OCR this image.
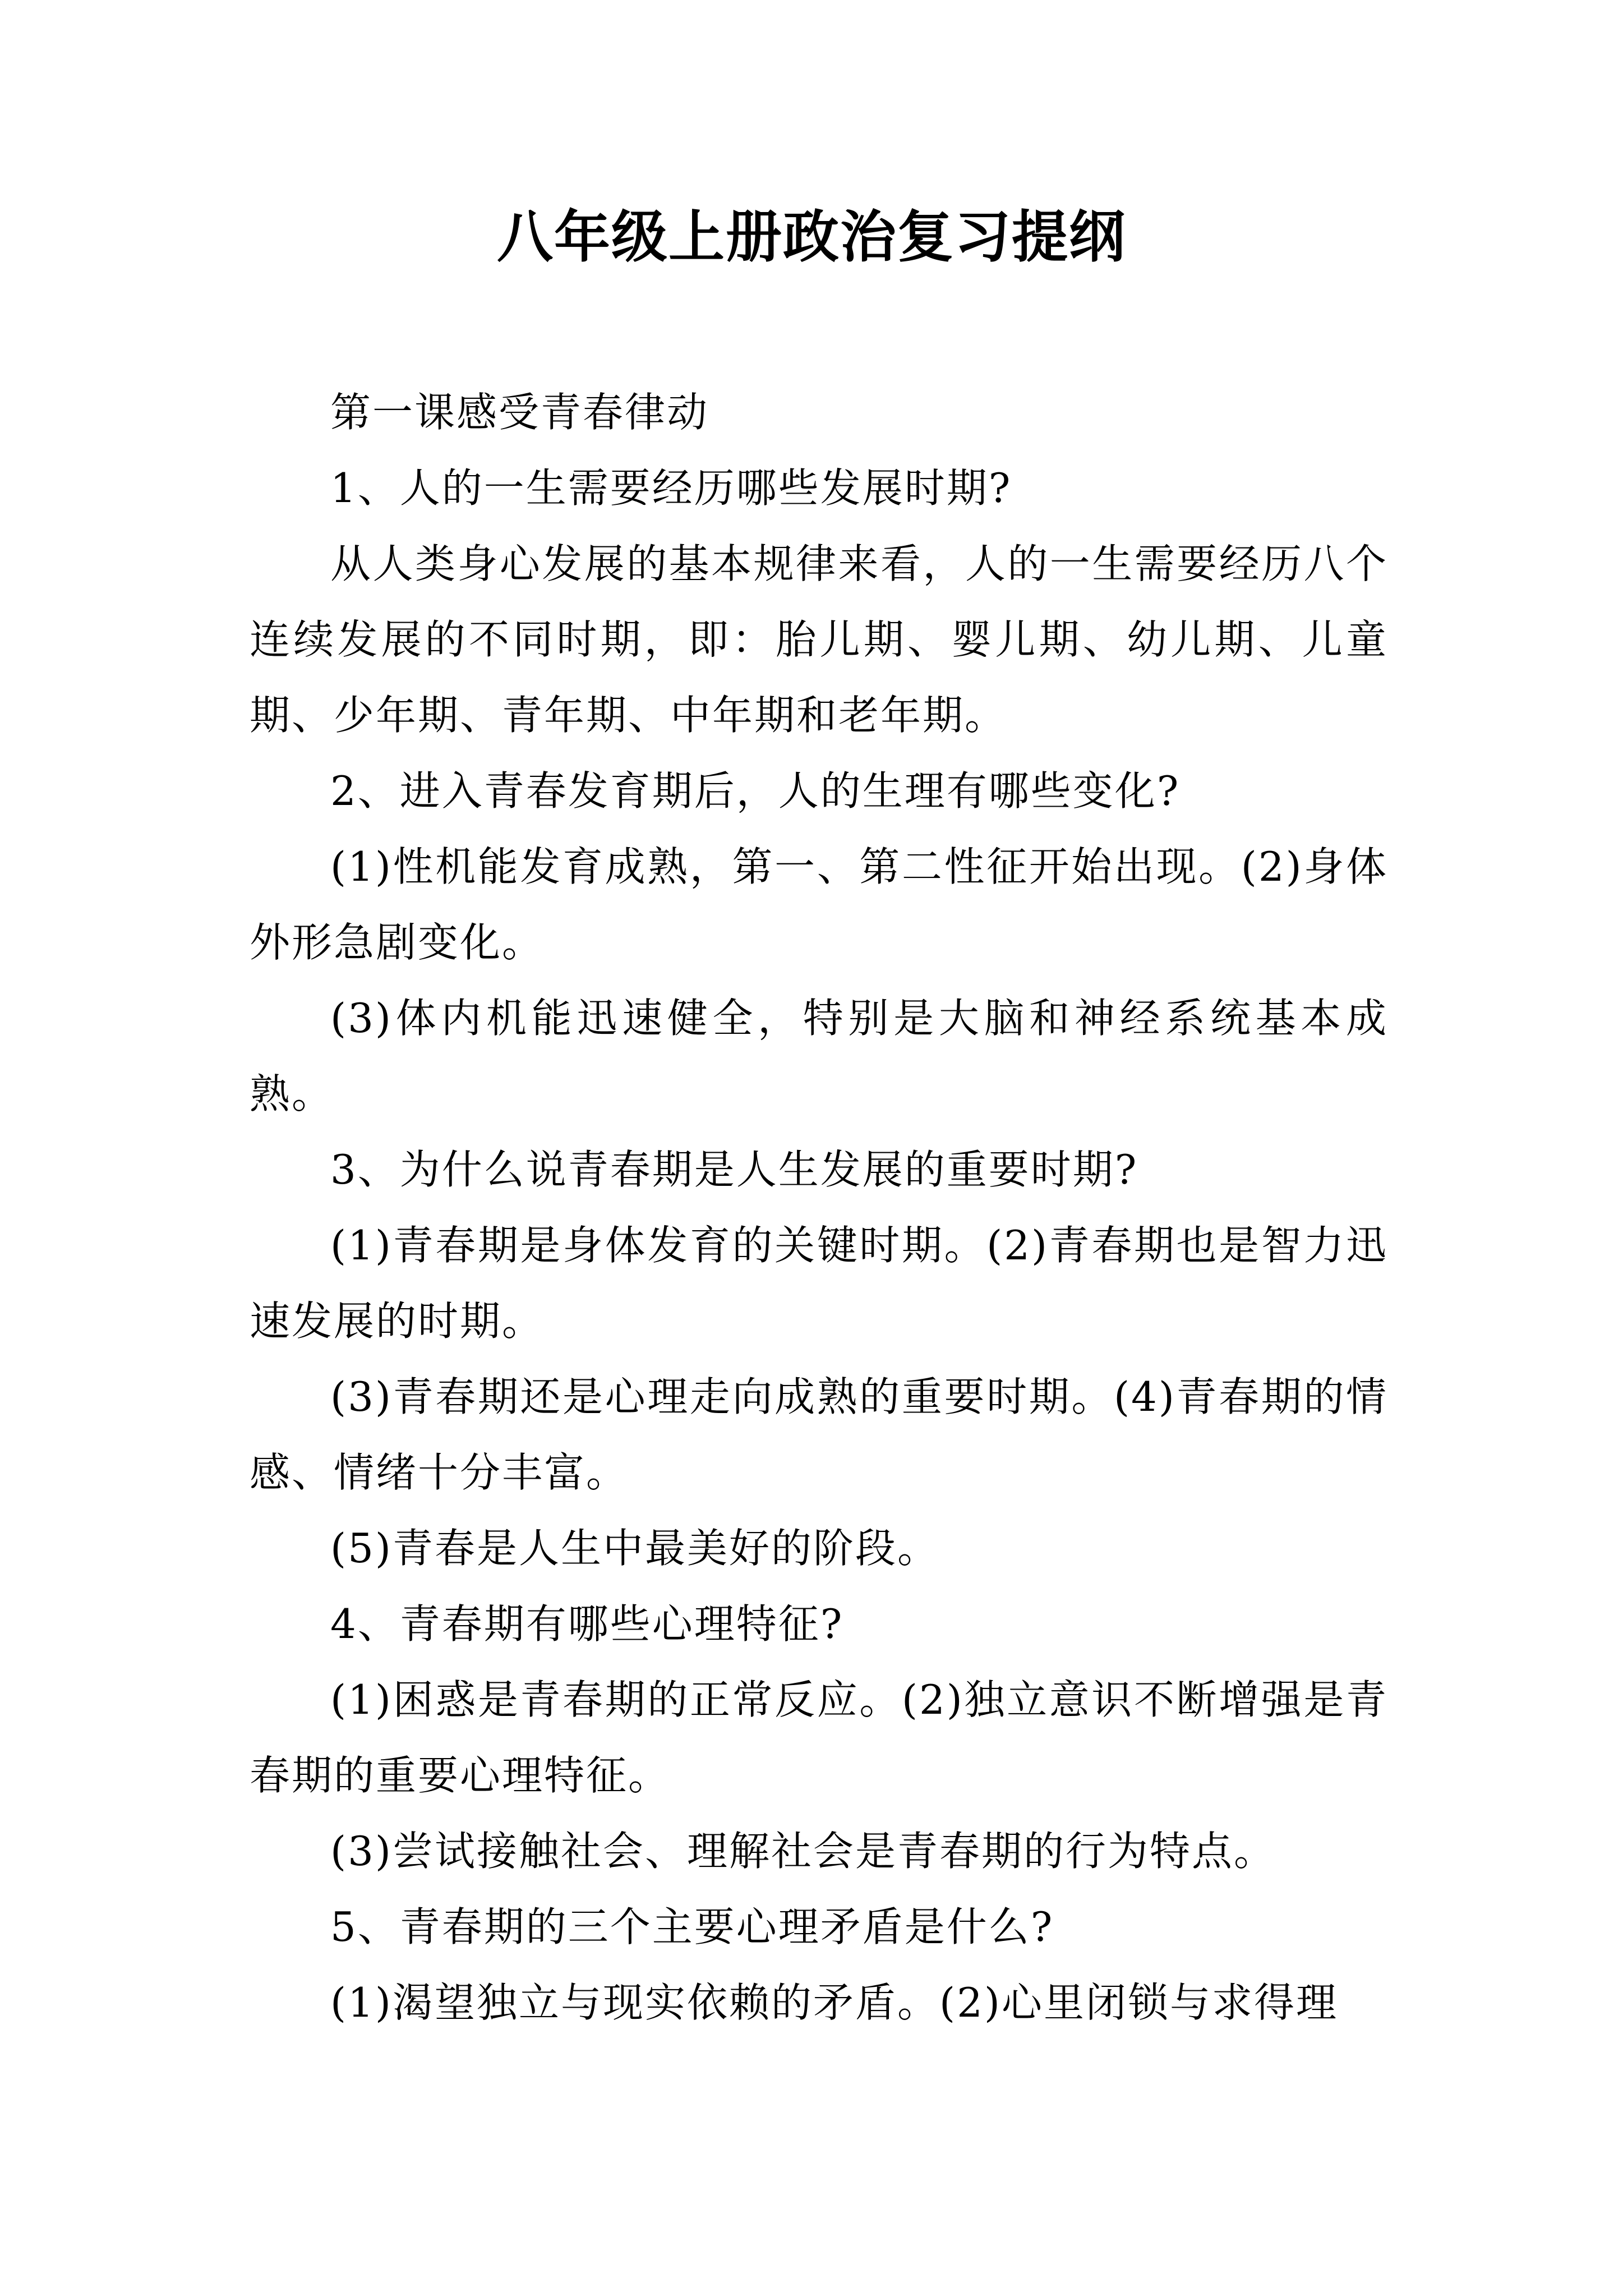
八年级上册政治复习提纲

第一课感受青春律动

1、人的一生需要经历哪些发展时期?

从人类身心发展的基本规律来看，人的一生需要经历八个连续发展的不同时期，即：胎儿期、婴儿期、幼儿期、儿童期、少年期、青年期、中年期和老年期。

2、进入青春发育期后，人的生理有哪些变化?

(1)性机能发育成熟，第一、第二性征开始出现。(2)身体外形急剧变化。

(3)体内机能迅速健全，特别是大脑和神经系统基本成熟。

3、为什么说青春期是人生发展的重要时期?

(1)青春期是身体发育的关键时期。(2)青春期也是智力迅速发展的时期。

(3)青春期还是心理走向成熟的重要时期。(4)青春期的情感、情绪十分丰富。

(5)青春是人生中最美好的阶段。

4、青春期有哪些心理特征?

(1)困惑是青春期的正常反应。(2)独立意识不断增强是青春期的重要心理特征。

(3)尝试接触社会、理解社会是青春期的行为特点。

5、青春期的三个主要心理矛盾是什么?

(1)渴望独立与现实依赖的矛盾。(2)心里闭锁与求得理
